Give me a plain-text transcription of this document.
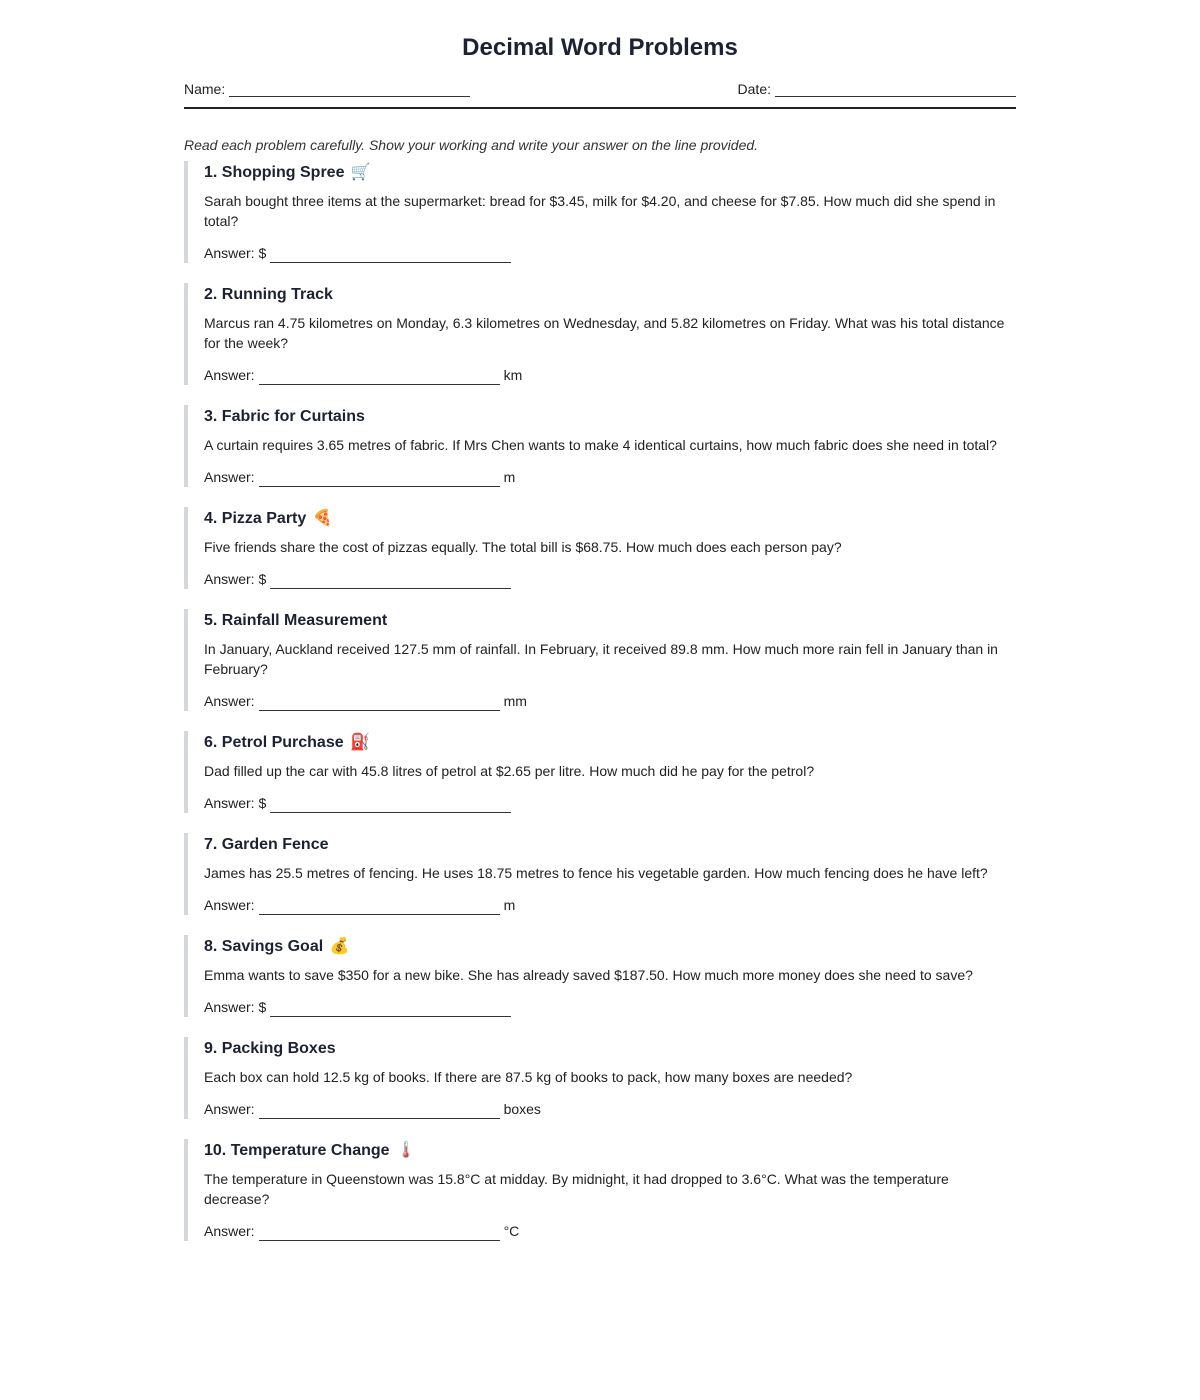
Decimal Word Problems
Name:	Date:
Read each problem carefully. Show your working and write your answer on the line provided.
1. Shopping Spree 🛒
Sarah bought three items at the supermarket: bread for $3.45, milk for $4.20, and cheese for $7.85. How much did she spend in total?
Answer: $
2. Running Track
Marcus ran 4.75 kilometres on Monday, 6.3 kilometres on Wednesday, and 5.82 kilometres on Friday. What was his total distance for the week?
Answer:	km
3. Fabric for Curtains
A curtain requires 3.65 metres of fabric. If Mrs Chen wants to make 4 identical curtains, how much fabric does she need in total?
Answer:	m
4. Pizza Party 🍕
Five friends share the cost of pizzas equally. The total bill is $68.75. How much does each person pay?
Answer: $
5. Rainfall Measurement
In January, Auckland received 127.5 mm of rainfall. In February, it received 89.8 mm. How much more rain fell in January than in February?
Answer:	mm
6. Petrol Purchase ⛽
Dad filled up the car with 45.8 litres of petrol at $2.65 per litre. How much did he pay for the petrol?
Answer: $
7. Garden Fence
James has 25.5 metres of fencing. He uses 18.75 metres to fence his vegetable garden. How much fencing does he have left?
Answer:	m
8. Savings Goal 💰
Emma wants to save $350 for a new bike. She has already saved $187.50. How much more money does she need to save?
Answer: $
9. Packing Boxes
Each box can hold 12.5 kg of books. If there are 87.5 kg of books to pack, how many boxes are needed?
Answer:	boxes
10. Temperature Change 🌡️
The temperature in Queenstown was 15.8°C at midday. By midnight, it had dropped to 3.6°C. What was the temperature decrease?
Answer:	°C
